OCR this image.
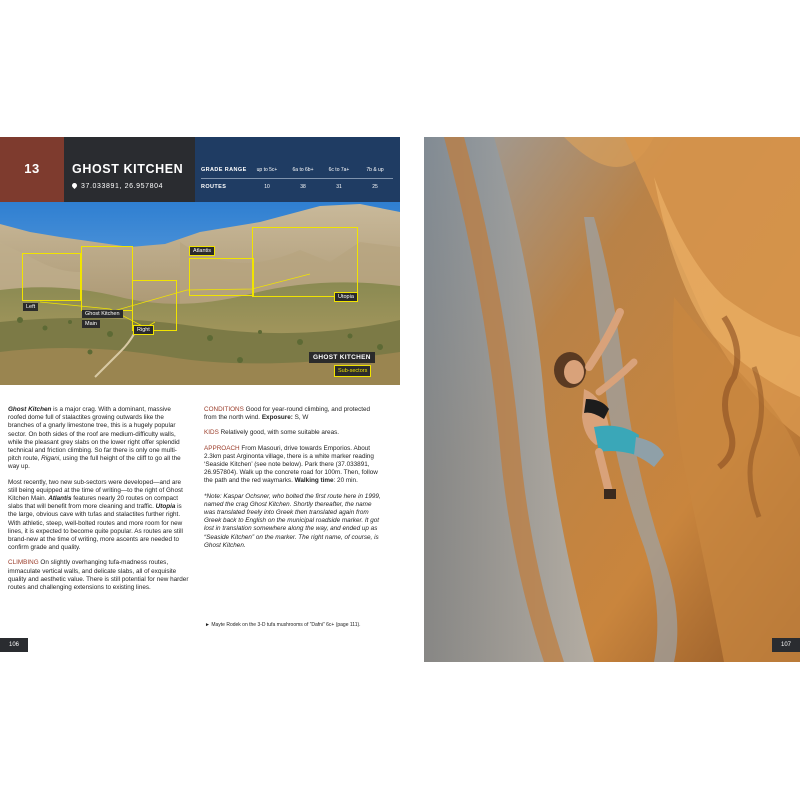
13	GHOST KITCHEN
37.033891, 26.957804
GRADE RANGE	up to 5c+	6a to 6b+	6c to 7a+	7b & up
ROUTES	10	38	31	25
Left
Ghost Kitchen
Main
Right
Atlantis
Utopia
GHOST KITCHEN
Sub-sectors

Ghost Kitchen is a major crag. With a dominant, massive roofed dome full of stalactites growing outwards like the branches of a gnarly limestone tree, this is a hugely popular sector. On both sides of the roof are medium-difficulty walls, while the pleasant grey slabs on the lower right offer splendid technical and friction climbing. So far there is only one multi-pitch route, Rigani, using the full height of the cliff to go all the way up.

Most recently, two new sub-sectors were developed—and are still being equipped at the time of writing—to the right of Ghost Kitchen Main. Atlantis features nearly 20 routes on compact slabs that will benefit from more cleaning and traffic. Utopia is the large, obvious cave with tufas and stalactites further right. With athletic, steep, well-bolted routes and more room for new lines, it is expected to become quite popular. As routes are still brand-new at the time of writing, more ascents are needed to confirm grade and quality.

CLIMBING On slightly overhanging tufa-madness routes, immaculate vertical walls, and delicate slabs, all of exquisite quality and aesthetic value. There is still potential for new harder routes and challenging extensions to existing lines.

CONDITIONS Good for year-round climbing, and protected from the north wind. Exposure: S, W

KIDS Relatively good, with some suitable areas.

APPROACH From Masouri, drive towards Emporios. About 2.3km past Arginonta village, there is a white marker reading ‘Seaside Kitchen’ (see note below). Park there (37.033891, 26.957804). Walk up the concrete road for 100m. Then, follow the path and the red waymarks. Walking time: 20 min.

*Note: Kaspar Ochsner, who bolted the first route here in 1999, named the crag Ghost Kitchen. Shortly thereafter, the name was translated freely into Greek then translated again from Greek back to English on the municipal roadside marker. It got lost in translation somewhere along the way, and ended up as “Seaside Kitchen” on the marker. The right name, of course, is Ghost Kitchen.

► Mayte Rodek on the 3-D tufa mushrooms of “Dafni” 6c+ (page 111).
106	107
